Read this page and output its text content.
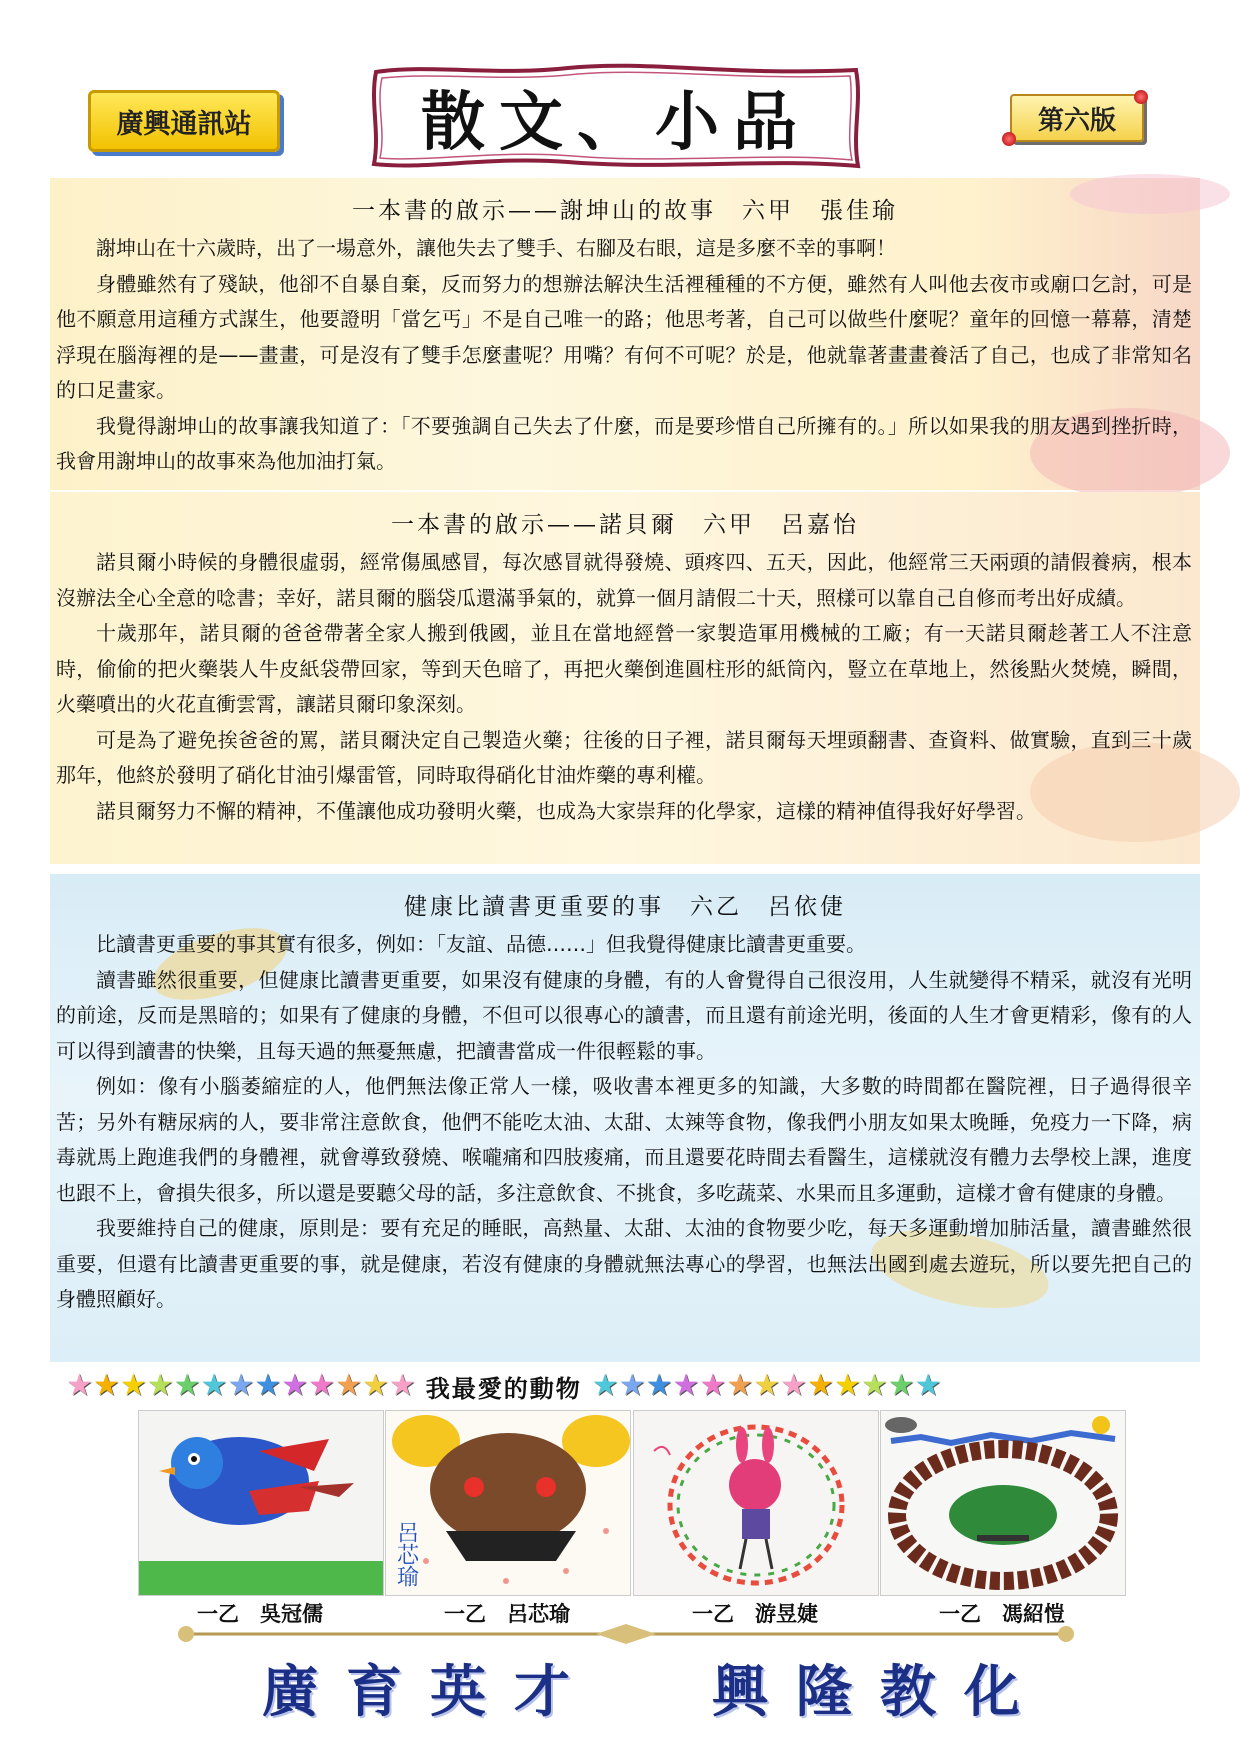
廣興通訊站	散文、小品	第六版
一本書的啟示——謝坤山的故事　六甲　張佳瑜

謝坤山在十六歲時，出了一場意外，讓他失去了雙手、右腳及右眼，這是多麼不幸的事啊！

身體雖然有了殘缺，他卻不自暴自棄，反而努力的想辦法解決生活裡種種的不方便，雖然有人叫他去夜市或廟口乞討，可是他不願意用這種方式謀生，他要證明「當乞丐」不是自己唯一的路；他思考著，自己可以做些什麼呢？童年的回憶一幕幕，清楚浮現在腦海裡的是——畫畫，可是沒有了雙手怎麼畫呢？用嘴？有何不可呢？於是，他就靠著畫畫養活了自己，也成了非常知名的口足畫家。

我覺得謝坤山的故事讓我知道了：「不要強調自己失去了什麼，而是要珍惜自己所擁有的。」所以如果我的朋友遇到挫折時，我會用謝坤山的故事來為他加油打氣。

一本書的啟示——諾貝爾　六甲　呂嘉怡

諾貝爾小時候的身體很虛弱，經常傷風感冒，每次感冒就得發燒、頭疼四、五天，因此，他經常三天兩頭的請假養病，根本沒辦法全心全意的唸書；幸好，諾貝爾的腦袋瓜還滿爭氣的，就算一個月請假二十天，照樣可以靠自己自修而考出好成績。

十歲那年，諾貝爾的爸爸帶著全家人搬到俄國，並且在當地經營一家製造軍用機械的工廠；有一天諾貝爾趁著工人不注意時，偷偷的把火藥裝人牛皮紙袋帶回家，等到天色暗了，再把火藥倒進圓柱形的紙筒內，豎立在草地上，然後點火焚燒，瞬間，火藥噴出的火花直衝雲霄，讓諾貝爾印象深刻。

可是為了避免挨爸爸的罵，諾貝爾決定自己製造火藥；往後的日子裡，諾貝爾每天埋頭翻書、查資料、做實驗，直到三十歲那年，他終於發明了硝化甘油引爆雷管，同時取得硝化甘油炸藥的專利權。

諾貝爾努力不懈的精神，不僅讓他成功發明火藥，也成為大家崇拜的化學家，這樣的精神值得我好好學習。

健康比讀書更重要的事　六乙　呂依倢

比讀書更重要的事其實有很多，例如：「友誼、品德……」但我覺得健康比讀書更重要。

讀書雖然很重要，但健康比讀書更重要，如果沒有健康的身體，有的人會覺得自己很沒用，人生就變得不精采，就沒有光明的前途，反而是黑暗的；如果有了健康的身體，不但可以很專心的讀書，而且還有前途光明，後面的人生才會更精彩，像有的人可以得到讀書的快樂，且每天過的無憂無慮，把讀書當成一件很輕鬆的事。

例如：像有小腦萎縮症的人，他們無法像正常人一樣，吸收書本裡更多的知識，大多數的時間都在醫院裡，日子過得很辛苦；另外有糖尿病的人，要非常注意飲食，他們不能吃太油、太甜、太辣等食物，像我們小朋友如果太晚睡，免疫力一下降，病毒就馬上跑進我們的身體裡，就會導致發燒、喉嚨痛和四肢痠痛，而且還要花時間去看醫生，這樣就沒有體力去學校上課，進度也跟不上，會損失很多，所以還是要聽父母的話，多注意飲食、不挑食，多吃蔬菜、水果而且多運動，這樣才會有健康的身體。

我要維持自己的健康，原則是：要有充足的睡眠，高熱量、太甜、太油的食物要少吃，每天多運動增加肺活量，讀書雖然很重要，但還有比讀書更重要的事，就是健康，若沒有健康的身體就無法專心的學習，也無法出國到處去遊玩，所以要先把自己的身體照顧好。

★ ★ ★ ★ ★ ★ ★ ★ ★ ★ ★ ★ ★ 我最愛的動物 ★ ★ ★ ★ ★ ★ ★ ★ ★ ★ ★ ★ ★
呂芯瑜
一乙　吳冠儒	一乙　呂芯瑜	一乙　游昱婕	一乙　馮紹愷
廣育英才 興隆教化
